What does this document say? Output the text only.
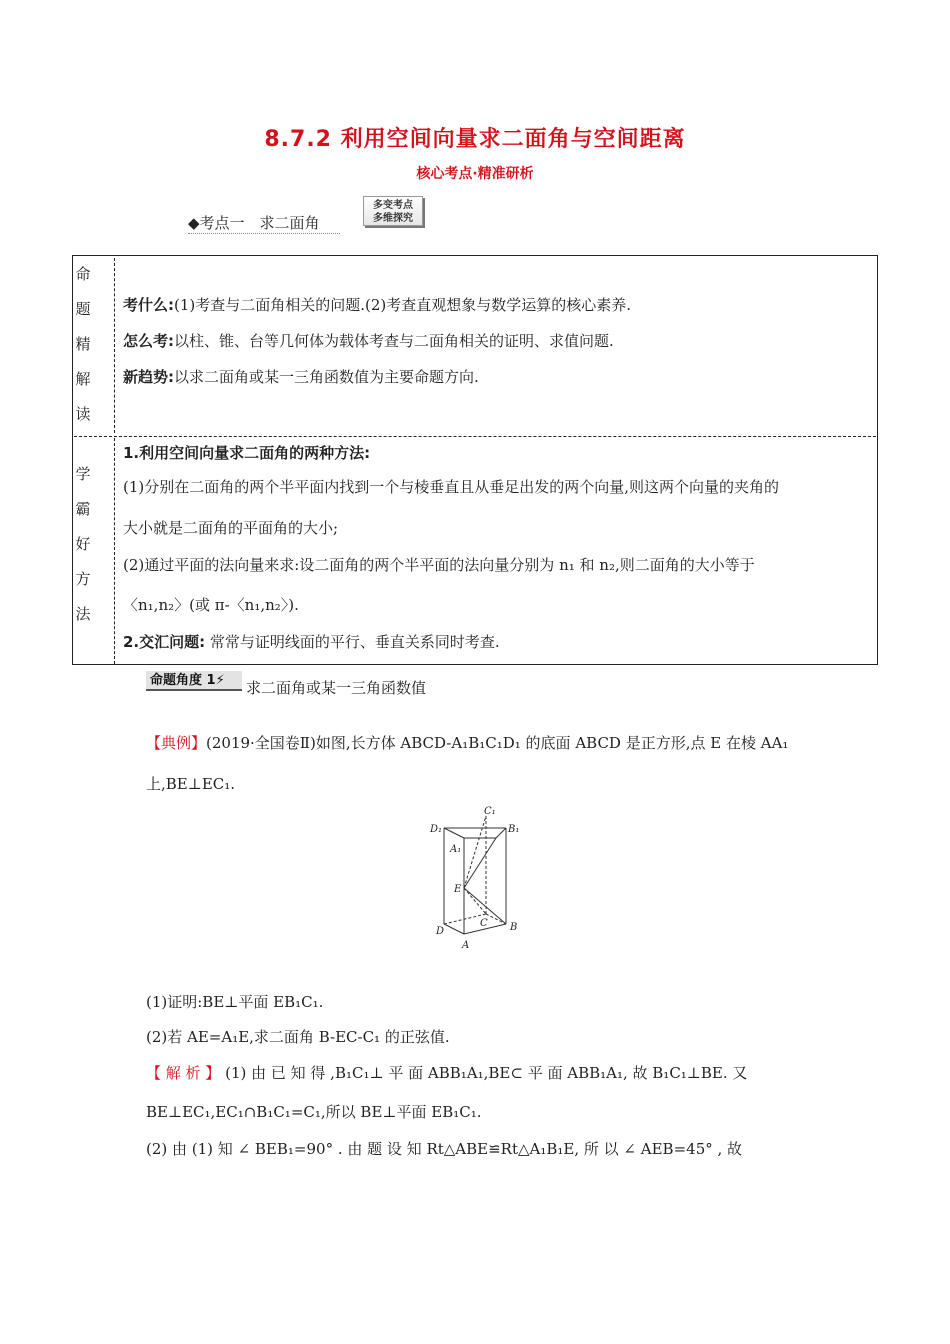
8.7.2 利用空间向量求二面角与空间距离
核心考点·精准研析
◆考点一　求二面角
多变考点
多维探究
命
题
精
解
读
考什么:(1)考查与二面角相关的问题.(2)考查直观想象与数学运算的核心素养.
怎么考:以柱、锥、台等几何体为载体考查与二面角相关的证明、求值问题.
新趋势:以求二面角或某一三角函数值为主要命题方向.
学
霸
好
方
法
1.利用空间向量求二面角的两种方法:
(1)分别在二面角的两个半平面内找到一个与棱垂直且从垂足出发的两个向量,则这两个向量的夹角的
大小就是二面角的平面角的大小;
(2)通过平面的法向量来求:设二面角的两个半平面的法向量分别为 n₁ 和 n₂,则二面角的大小等于
〈n₁,n₂〉(或 π-〈n₁,n₂〉).
2.交汇问题: 常常与证明线面的平行、垂直关系同时考查.
命题角度 1⚡	求二面角或某一三角函数值
【典例】(2019·全国卷Ⅱ)如图,长方体 ABCD-A₁B₁C₁D₁ 的底面 ABCD 是正方形,点 E 在棱 AA₁
上,BE⊥EC₁.
D₁
C₁
B₁
A₁
E
C B
D
A
(1)证明:BE⊥平面 EB₁C₁.
(2)若 AE=A₁E,求二面角 B-EC-C₁ 的正弦值.
【 解 析 】 (1) 由 已 知 得 ,B₁C₁⊥ 平 面 ABB₁A₁,BE⊂ 平 面 ABB₁A₁, 故 B₁C₁⊥BE. 又
BE⊥EC₁,EC₁∩B₁C₁=C₁,所以 BE⊥平面 EB₁C₁.
(2) 由 (1) 知 ∠ BEB₁=90° . 由 题 设 知 Rt△ABE≌Rt△A₁B₁E, 所 以 ∠ AEB=45° , 故
